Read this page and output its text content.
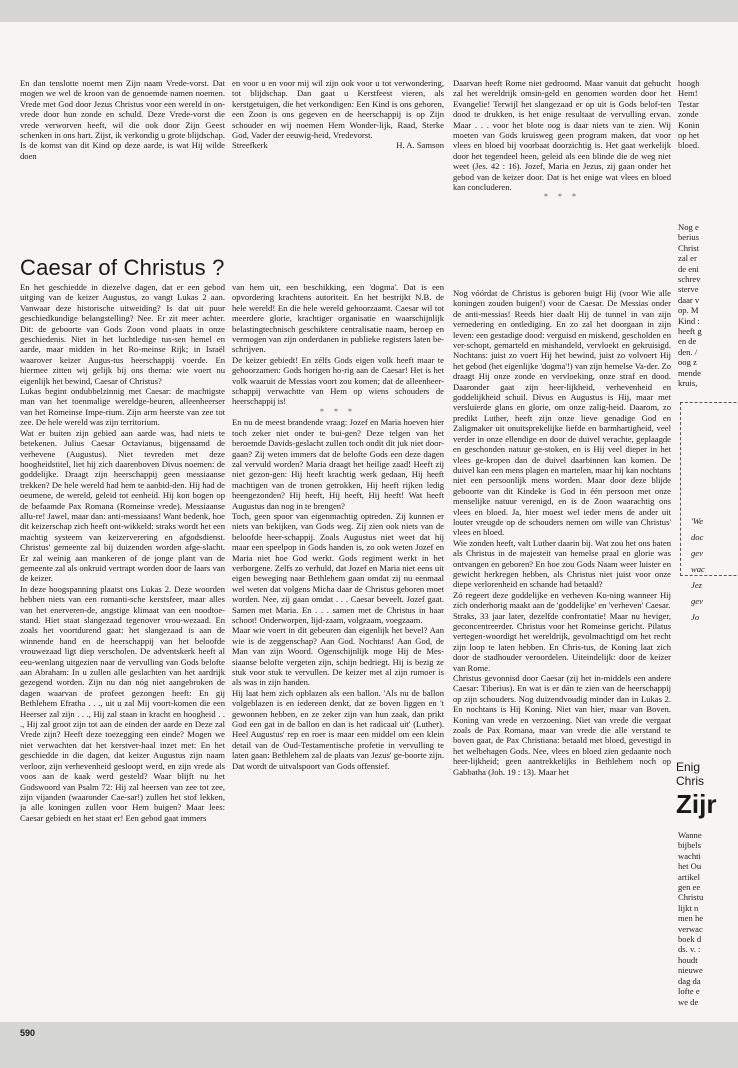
En dan tenslotte noemt men Zijn naam Vrede-vorst. Dat mogen we wel de kroon van de genoemde namen noemen. Vrede met God door Jezus Christus voor een wereld in on-vrede door hun zonde en schuld. Deze Vrede-vorst die vrede verworven heeft, wil die ook door Zijn Geest schenken in ons hart. Zijst, ik verkondig u grote blijdschap. Is de komst van dit Kind op deze aarde, is wat Hij wilde doen

en voor u en voor mij wil zijn ook voor u tot verwondering, tot blijdschap. Dan gaat u Kerstfeest vieren, als kerstgetuigen, die het verkondigen: Een Kind is ons geboren, een Zoon is ons gegeven en de heerschappij is op Zijn schouder en wij noemen Hem Wonder-lijk, Raad, Sterke God, Vader der eeuwig-heid, Vredevorst.

Streefkerk	H. A. Samson
Caesar of Christus ?

En het geschiedde in diezelve dagen, dat er een gebod uitging van de keizer Augustus, zo vangt Lukas 2 aan. Vanwaar deze historische uitweiding? Is dat uit puur geschiedkundige belangstelling? Nee. Er zit meer achter. Dit: de geboorte van Gods Zoon vond plaats in onze geschiedenis. Niet in het luchtledige tus-sen hemel en aarde, maar midden in het Ro-meinse Rijk; in Israël waarover keizer Augus-tus heerschappij voerde. En hiermee zitten wij gelijk bij ons thema: wie voert nu eigenlijk het bewind, Caesar of Christus?

Lukas begint ondubbelzinnig met Caesar: de machtigste man van het toenmalige wereldge-beuren, alleenheerser van het Romeinse Impe-rium. Zijn arm heerste van zee tot zee. De hele wereld was zijn territorium.

Wat er buiten zijn gebied aan aarde was, had niets te betekenen. Julius Caesar Octavianus, bijgenaamd de verhevene (Augustus). Niet tevreden met deze hoogheidstitel, liet hij zich daarenboven Divus noemen: de goddelijke. Draagt zijn heerschappij geen messiaanse trekken? De hele wereld had hem te aanbid-den. Hij had de oeumene, de wereld, geleid tot eenheid. Hij kon bogen op de befaamde Pax Romana (Romeinse vrede). Messiaanse allu-re! Jawel, maar dan: anti-messiaans! Want bedenk, hoe dit keizerschap zich heeft ont-wikkeld: straks wordt het een machtig systeem van keizerverering en afgodsdienst. Christus' gemeente zal bij duizenden worden afge-slacht. Er zal weinig aan mankeren of de jonge plant van de gemeente zal als onkruid vertrapt worden door de laars van de keizer.

In deze hoogspanning plaatst ons Lukas 2. Deze woorden hebben niets van een romanti-sche kerstsfeer, maar alles van het enerveren-de, angstige klimaat van een noodtoe-stand. Hiet staat slangezaad tegenover vrou-wezaad. En zoals het voortdurend gaat: het slangezaad is aan de winnende hand en de heerschappij van het beloofde vrouwezaad ligt diep verscholen. De adventskerk heeft al eeu-wenlang uitgezien naar de vervulling van Gods belofte aan Abraham: In u zullen alle geslachten van het aardrijk gezegend worden. Zijn nu dan nóg niet aangebroken de dagen waarvan de profeet gezongen heeft: En gij Bethlehem Efratha . . ., uit u zal Mij voort-komen die een Heerser zal zijn . . ., Hij zal staan in kracht en hoogheid . . ., Hij zal groot zijn tot aan de einden der aarde en Deze zal Vrede zijn? Heeft deze toezegging een einde? Mogen we niet verwachten dat het kerstver-haal inzet met: En het geschiedde in die dagen, dat keizer Augustus zijn naam verloor, zijn verhevenheid gesloopt werd, en zijn vrede als voos aan de kaak werd gesteld? Waar blijft nu het Godswoord van Psalm 72: Hij zal heersen van zee tot zee, zijn vijanden (waaronder Cae-sar!) zullen het stof lekken, ja alle koningen zullen voor Hem buigen? Maar lees: Caesar gebiedt en het staat er! Een gebod gaat immers

van hem uit, een beschikking, een 'dogma'. Dat is een opvordering krachtens autoriteit. En het bestrijkt N.B. de hele wereld! En die hele wereld gehoorzaamt. Caesar wil tot meerdere glorie, krachtiger organisatie en waarschijnlijk belastingtechnisch geschiktere centralisatie naam, beroep en vermogen van zijn onderdanen in publieke registers laten be-schrijven.

De keizer gebiedt! En zélfs Gods eigen volk heeft maar te gehoorzamen: Gods horigen ho-rig aan de Caesar! Het is het volk waaruit de Messias voort zou komen; dat de alleenheer-schappij verwachtte van Hem op wiens schouders de heerschappij is!

* * *

En nu de meest brandende vraag: Jozef en Maria hoeven hier toch zeker niet onder te bui-gen? Deze telgen van het beroemde Davids-geslacht zullen toch ondit dit juk niet door-gaan? Zij weten immers dat de belofte Gods een deze dagen zal vervuld worden? Maria draagt het heilige zaad! Heeft zij niet gezon-gen: Hij heeft krachtig werk gedaan, Hij heeft machtigen van de tronen getrokken, Hij heeft rijken ledig heengezonden? Hij heeft, Hij heeft, Hij heeft! Wat heeft Augustus dan nog in te brengen?

Toch, geen spoor van eigenmachtig optreden. Zij kunnen er niets van bekijken, van Gods weg. Zij zien ook niets van de beloofde heer-schappij. Zoals Augustus niet weet dat hij maar een speelpop in Gods handen is, zo ook weten Jozef en Maria niet hoe God werkt. Gods regiment werkt in het verborgene. Zelfs zo verhuld, dat Jozef en Maria niet eens uit eigen beweging naar Bethlehem gaan omdat zij nu eenmaal wel weten dat volgens Micha daar de Christus geboren moet worden. Nee, zij gaan omdat . . . Caesar beveelt. Jozef gaat. Samen met Maria. En . . . samen met de Christus in haar schoot! Onderworpen, lijd-zaam, volgzaam, voegzaam.

Maar wie voert in dit gebeuren dan eigenlijk het bevel? Aan wie is de zeggenschap? Aan God. Nochtans! Aan God, de Man van zijn Woord. Ogenschijnlijk moge Hij de Mes-siaanse belofte vergeten zijn, schijn bedriegt. Hij is bezig ze stuk voor stuk te vervullen. De keizer met al zijn rumoer is als was in zijn handen.

Hij laat hem zich opblazen als een ballon. 'Als nu de ballon volgeblazen is en iedereen denkt, dat ze boven liggen en 't gewonnen hebben, en ze zeker zijn van hun zaak, dan prikt God een gat in de ballon en dan is het radicaal uit' (Luther). Heel Augustus' rep en roer is maar een middel om een klein detail van de Oud-Testamentische profetie in vervulling te laten gaan: Bethlehem zal de plaats van Jezus' ge-boorte zijn. Dat wordt de uitvalspoort van Gods offensief.

Daarvan heeft Rome niet gedroomd. Maar vanuit dat gehucht zal het wereldrijk omsin-geld en genomen worden door het Evangelie! Terwijl het slangezaad er op uit is Gods belof-ten dood te drukken, is het enige resultaat de vervulling ervan. Maar . . . voor het blote oog is daar niets van te zien. Wij moeten van Gods kruisweg geen program maken, dat voor vlees en bloed bij voorbaat doorzichtig is. Het gaat werkelijk door het tegendeel heen, geleid als een blinde die de weg niet weet (Jes. 42 : 16). Jozef, Maria en Jezus, zij gaan onder het gebod van de keizer door. Dat is het enige wat vlees en bloed kan concluderen.

* * *

Nog vóórdat de Christus is geboren buigt Hij (voor Wie alle koningen zouden buigen!) voor de Caesar. De Messias onder de anti-messias! Reeds hier daalt Hij de tunnel in van zijn vernedering en ontlediging. En zo zal het doorgaan in zijn leven: een gestadige dood: verguisd en miskend, gescholden en ver-schopt, gemarteld en mishandeld, vervloekt en gekruisigd. Nochtans: juist zo voert Hij het bewind, juist zo volvoert Hij het gebod (het eigenlijke 'dogma'!) van zijn hemelse Va-der. Zo draagt Hij onze zonde en vervloeking, onze straf en dood. Daaronder gaat zijn heer-lijkheid, verhevenheid en goddelijkheid schuil. Divus en Augustus is Hij, maar met versluierde glans en glorie, om onze zalig-heid. Daarom, zo predikt Luther, heeft zijn onze lieve genadige God en Zaligmaker uit onuitsprekelijke liefde en barmhartigheid, veel verder in onze ellendige en door de duivel verachte, geplaagde en geschonden natuur ge-stoken, en is Hij veel dieper in het vlees ge-kropen dan de duivel daarbinnen kan komen. De duivel kan een mens plagen en martelen, maar hij kan nochtans niet een persoonlijk mens worden. Maar door deze blijde geboorte van dit Kindeke is God in één persoon met onze menselijke natuur verenigd, en is de Zoon waarachtig ons vlees en bloed. Ja, hier moest wel ieder mens de ander uit louter vreugde op de schouders nemen om wille van Christus' vlees en bloed.

Wie zonden heeft, valt Luther daarin bij. Wat zou het ons baten als Christus in de majesteit van hemelse praal en glorie was ontvangen en geboren? En hoe zou Gods Naam weer luister en gewicht herkregen hebben, als Christus niet juist voor onze diepe verlorenheid en schande had betaald?

Zó regeert deze goddelijke en verheven Ko-ning wanneer Hij zich onderhorig maakt aan de 'goddelijke' en 'verheven' Caesar.

Straks, 33 jaar later, dezelfde confrontatie! Maar nu heviger, geconcentreerder. Christus voor het Romeinse gericht. Pilatus vertegen-woordigt het wereldrijk, gevolmachtigd om het recht zijn loop te laten hebben. En Chris-tus, de Koning laat zich door de stadhouder veroordelen. Uiteindelijk: door de keizer van Rome.

Christus gevonnisd door Caesar (zij het in-middels een andere Caesar: Tiberius). En wat is er dán te zien van de heerschappij op zijn schouders. Nog duizendvoudig minder dan in Lukas 2. En nochtans is Hij Koning. Niet van hier, maar van Boven. Koning van vrede en verzoening. Niet van vrede die vergaat zoals de Pax Romana, maar van vrede die alle verstand te boven gaat, de Pax Christiana: betaald met bloed, gevestigd in het welbehagen Gods. Nee, vlees en bloed zien gedaante noch heer-lijkheid; geen aantrekkelijks in Bethlehem noch op Gabbatha (Joh. 19 : 13). Maar het

hoogh
Hem!
Testar
zonde
Konin
op het
bloed.
Nog e
berius
Christ
zal er
de eni
schrev
sterve
daar v
op. M
Kind :
heeft g
en de
den. /
oog z
mende
kruis,
'We
doc
gev
wac
Jez
gev
Jo
Enig
Chris
Zijr
Wanne
bijbels
wachti
het Ou
artikel
gen ee
Christu
lijkt n
men he
verwac
boek d
ds. v. :
houdt
nieuwe
dag da
lofte e
we de
590
